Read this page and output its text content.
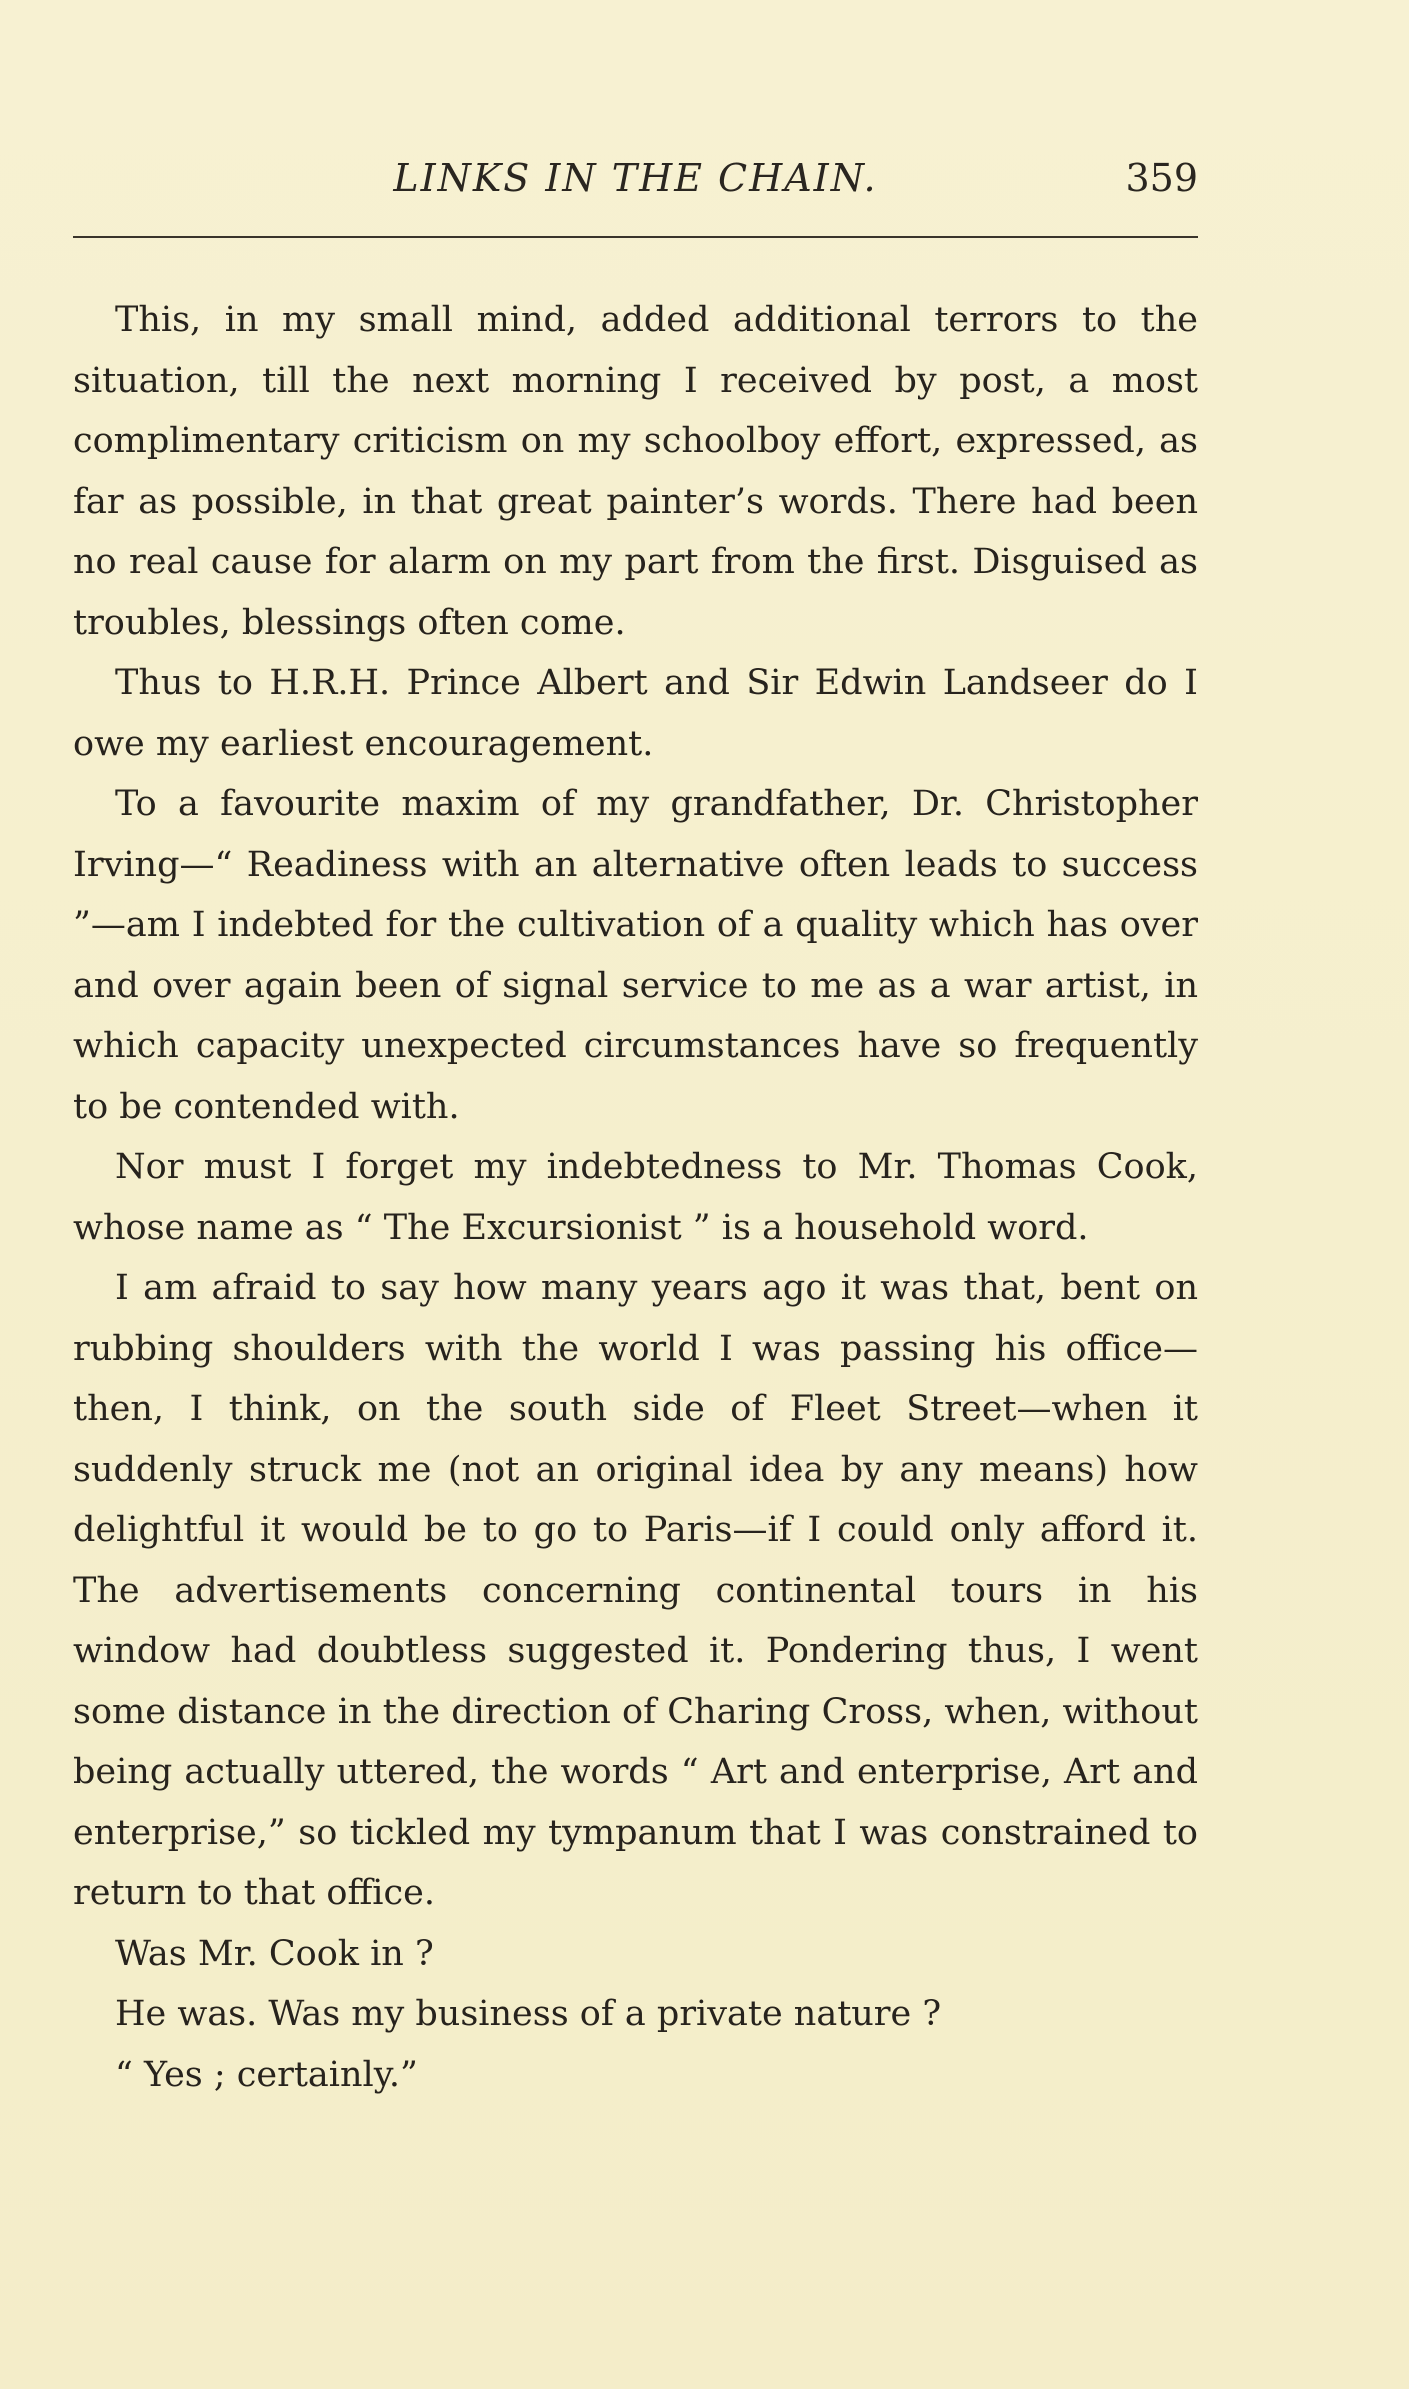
LINKS IN THE CHAIN.	359

This, in my small mind, added additional terrors to the situation, till the next morning I received by post, a most complimentary criticism on my schoolboy effort, expressed, as far as possible, in that great painter’s words. There had been no real cause for alarm on my part from the first. Disguised as troubles, blessings often come.

Thus to H.R.H. Prince Albert and Sir Edwin Landseer do I owe my earliest encouragement.

To a favourite maxim of my grandfather, Dr. Christopher Irving—“ Readiness with an alternative often leads to success ”—am I indebted for the cultivation of a quality which has over and over again been of signal service to me as a war artist, in which capacity unexpected circumstances have so frequently to be contended with.

Nor must I forget my indebtedness to Mr. Thomas Cook, whose name as “ The Excursionist ” is a household word.

I am afraid to say how many years ago it was that, bent on rubbing shoulders with the world I was passing his office—then, I think, on the south side of Fleet Street—when it suddenly struck me (not an original idea by any means) how delightful it would be to go to Paris—if I could only afford it. The advertisements concerning continental tours in his window had doubtless suggested it. Pondering thus, I went some distance in the direction of Charing Cross, when, without being actually uttered, the words “ Art and enterprise, Art and enterprise,” so tickled my tympanum that I was constrained to return to that office.

Was Mr. Cook in ?

He was. Was my business of a private nature ?

“ Yes ; certainly.”
